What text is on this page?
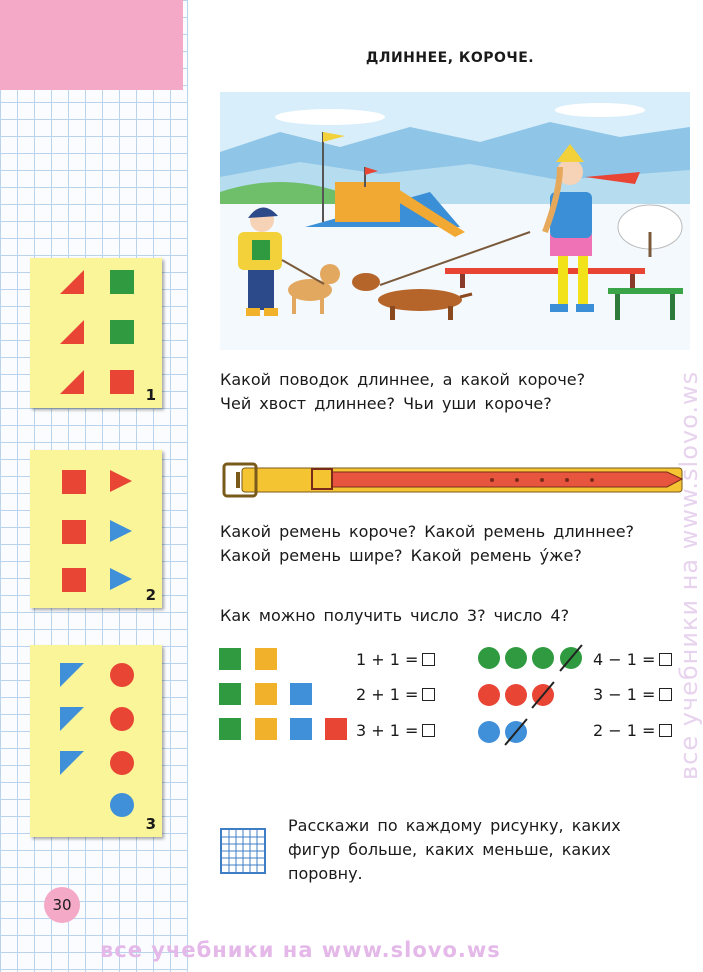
1
2
3
ДЛИННЕЕ, КОРОЧЕ.
Какой поводок длиннее, а какой короче?
Чей хвост длиннее? Чьи уши короче?
Какой ремень короче? Какой ремень длиннее?
Какой ремень шире? Какой ремень у́же?
Как можно получить число 3? число 4?
1 + 1 =
2 + 1 =
3 + 1 =
4 − 1 =
3 − 1 =
2 − 1 =
Расскажи по каждому рисунку, каких
фигур больше, каких меньше, каких
поровну.
30
все учебники на www.slovo.ws
все учебники на www.slovo.ws
